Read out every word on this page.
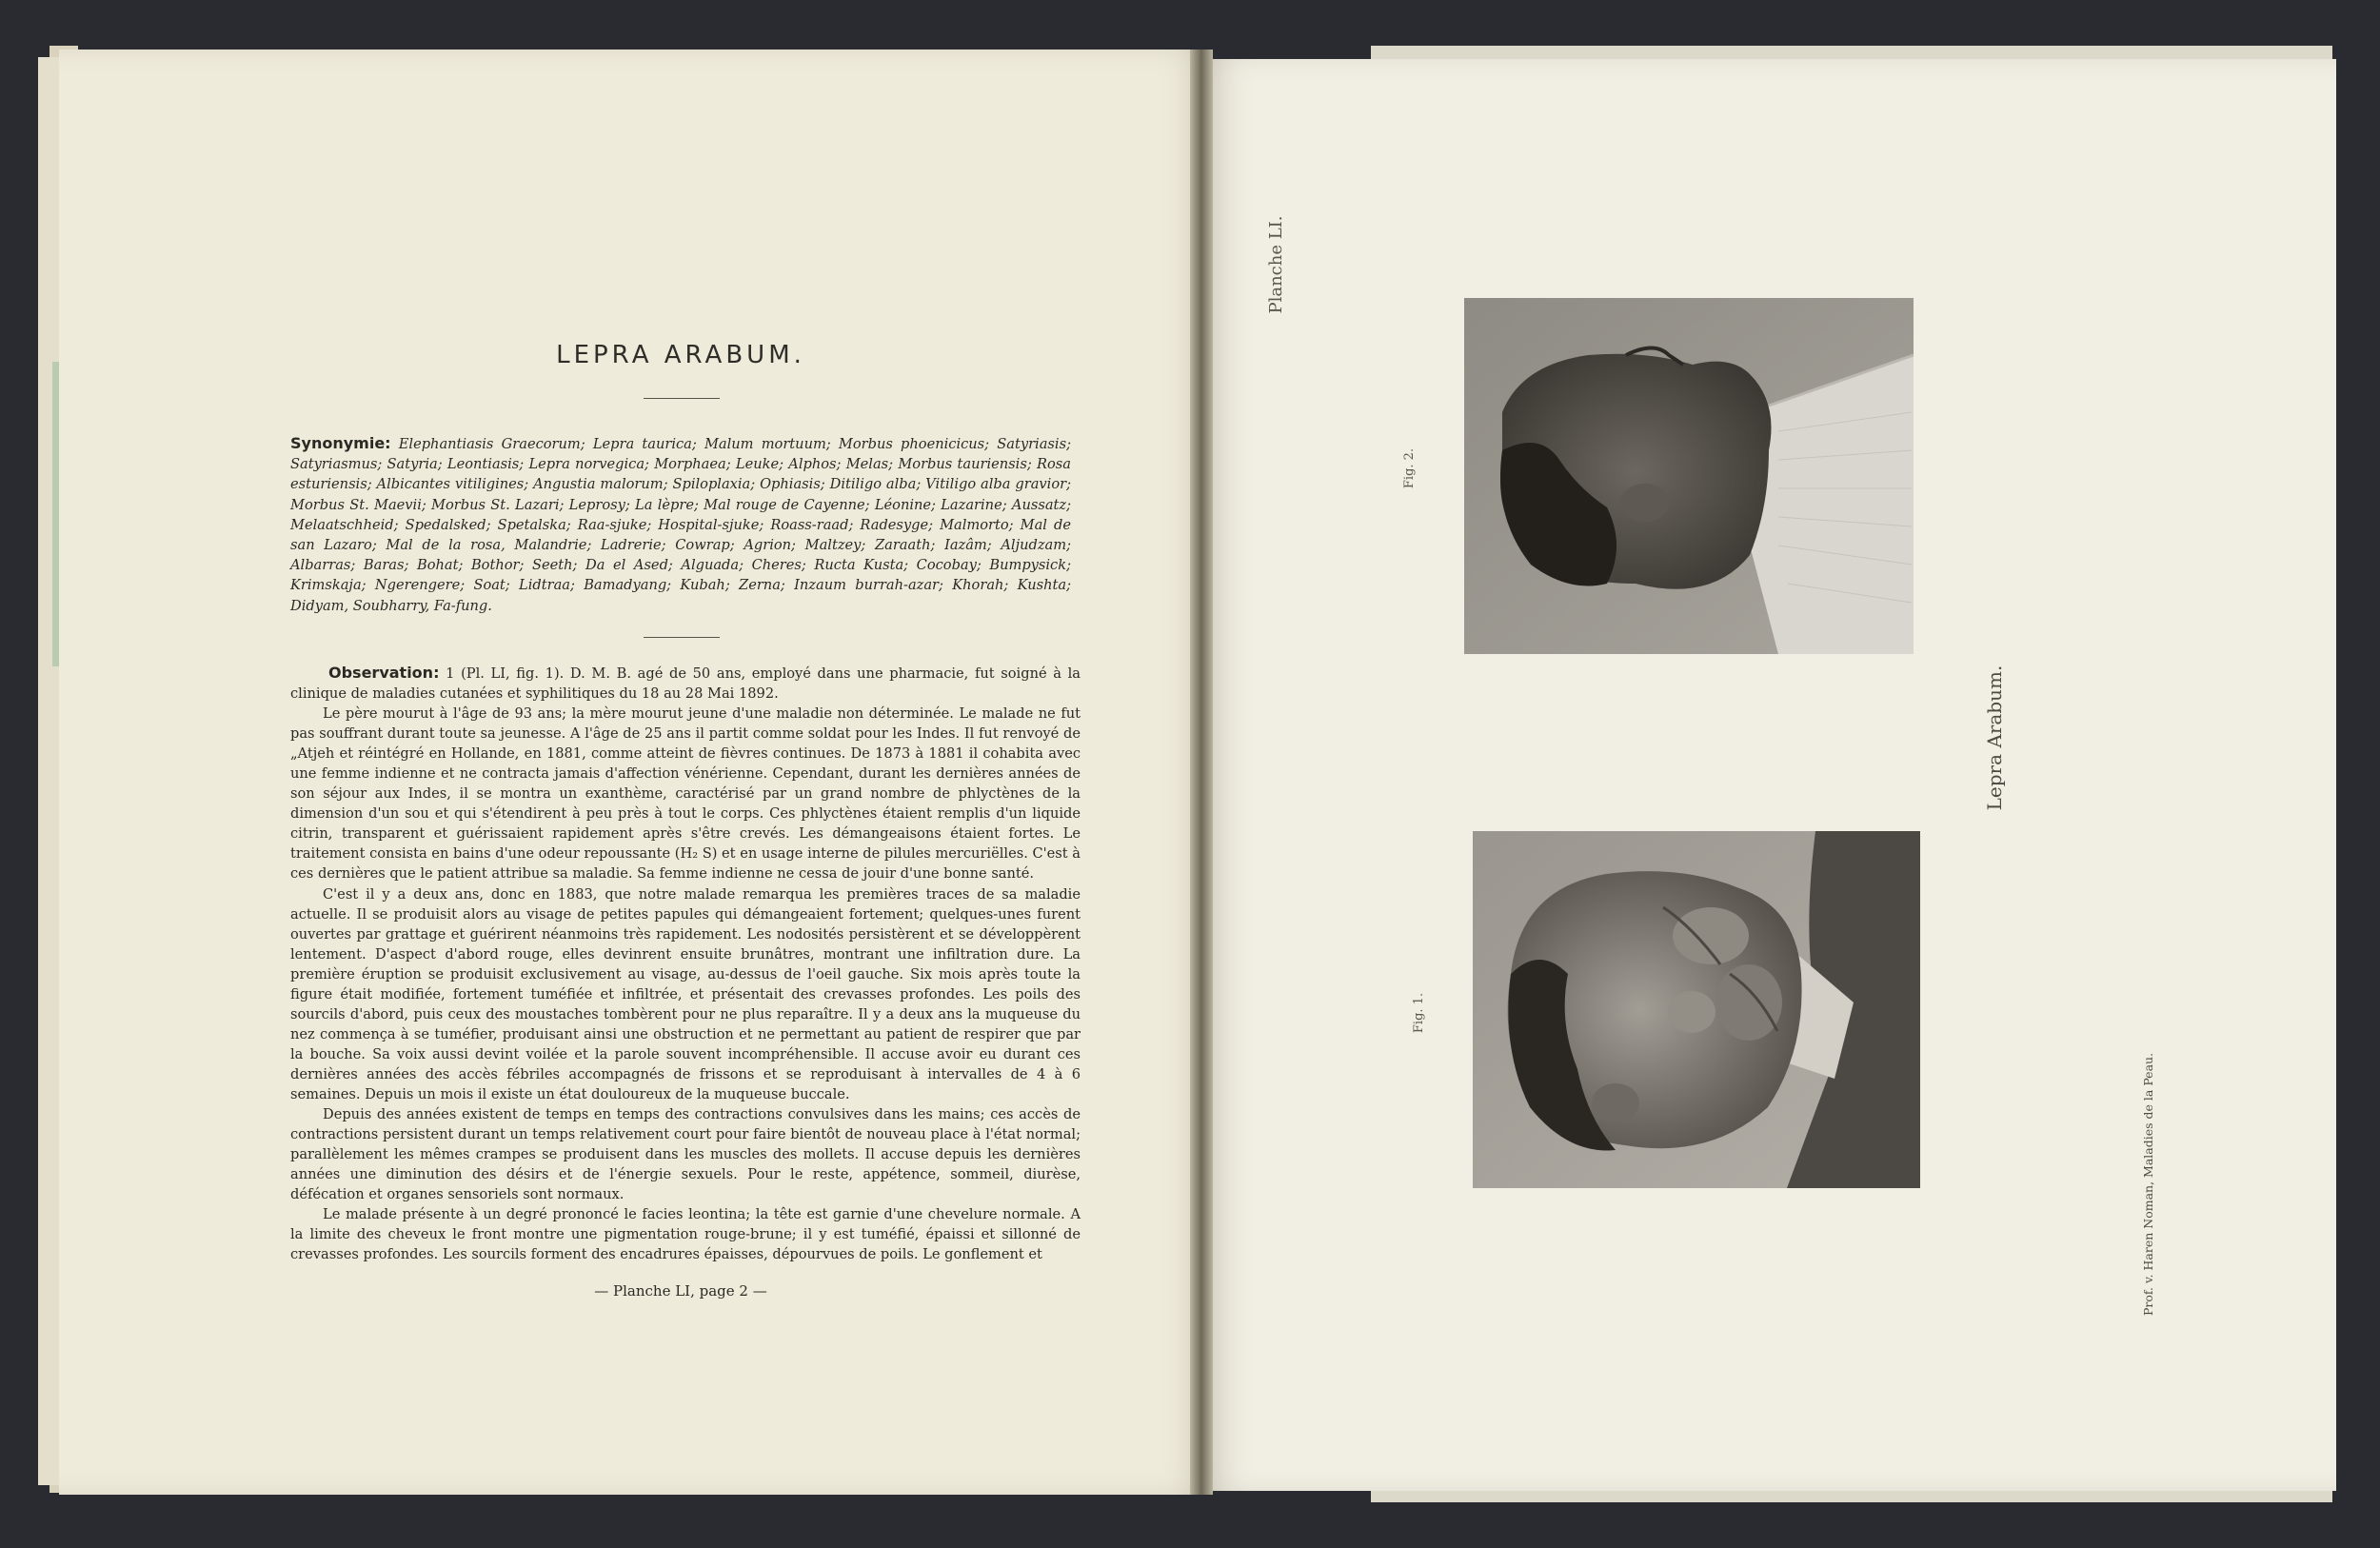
LEPRA ARABUM.
Synonymie: Elephantiasis Graecorum; Lepra taurica; Malum mortuum; Morbus phoenicicus; Satyriasis; Satyriasmus; Satyria; Leontiasis; Lepra norvegica; Morphaea; Leuke; Alphos; Melas; Morbus tauriensis; Rosa esturiensis; Albicantes vitiligines; Angustia malorum; Spiloplaxia; Ophiasis; Ditiligo alba; Vitiligo alba gravior; Morbus St. Maevii; Morbus St. Lazari; Leprosy; La lèpre; Mal rouge de Cayenne; Léonine; Lazarine; Aussatz; Melaatschheid; Spedalsked; Spetalska; Raa-sjuke; Hospital-sjuke; Roass-raad; Radesyge; Malmorto; Mal de san Lazaro; Mal de la rosa, Malandrie; Ladrerie; Cowrap; Agrion; Maltzey; Zaraath; Iazâm; Aljudzam; Albarras; Baras; Bohat; Bothor; Seeth; Da el Ased; Alguada; Cheres; Ructa Kusta; Cocobay; Bumpysick; Krimskaja; Ngerengere; Soat; Lidtraa; Bamadyang; Kubah; Zerna; Inzaum burrah-azar; Khorah; Kushta; Didyam, Soubharry, Fa-fung.

Observation: 1 (Pl. LI, fig. 1). D. M. B. agé de 50 ans, employé dans une pharmacie, fut soigné à la clinique de maladies cutanées et syphilitiques du 18 au 28 Mai 1892.

Le père mourut à l'âge de 93 ans; la mère mourut jeune d'une maladie non déterminée. Le malade ne fut pas souffrant durant toute sa jeunesse. A l'âge de 25 ans il partit comme soldat pour les Indes. Il fut renvoyé de „Atjeh et réintégré en Hollande, en 1881, comme atteint de fièvres continues. De 1873 à 1881 il cohabita avec une femme indienne et ne contracta jamais d'affection vénérienne. Cependant, durant les dernières années de son séjour aux Indes, il se montra un exanthème, caractérisé par un grand nombre de phlyctènes de la dimension d'un sou et qui s'étendirent à peu près à tout le corps. Ces phlyctènes étaient remplis d'un liquide citrin, transparent et guérissaient rapidement après s'être crevés. Les démangeaisons étaient fortes. Le traitement consista en bains d'une odeur repoussante (H₂ S) et en usage interne de pilules mercuriëlles. C'est à ces dernières que le patient attribue sa maladie. Sa femme indienne ne cessa de jouir d'une bonne santé.

C'est il y a deux ans, donc en 1883, que notre malade remarqua les premières traces de sa maladie actuelle. Il se produisit alors au visage de petites papules qui démangeaient fortement; quelques-unes furent ouvertes par grattage et guérirent néanmoins très rapidement. Les nodosités persistèrent et se développèrent lentement. D'aspect d'abord rouge, elles devinrent ensuite brunâtres, montrant une infiltration dure. La première éruption se produisit exclusivement au visage, au-dessus de l'oeil gauche. Six mois après toute la figure était modifiée, fortement tuméfiée et infiltrée, et présentait des crevasses profondes. Les poils des sourcils d'abord, puis ceux des moustaches tombèrent pour ne plus reparaître. Il y a deux ans la muqueuse du nez commença à se tuméfier, produisant ainsi une obstruction et ne permettant au patient de respirer que par la bouche. Sa voix aussi devint voilée et la parole souvent incompréhensible. Il accuse avoir eu durant ces dernières années des accès fébriles accompagnés de frissons et se reproduisant à intervalles de 4 à 6 semaines. Depuis un mois il existe un état douloureux de la muqueuse buccale.

Depuis des années existent de temps en temps des contractions convulsives dans les mains; ces accès de contractions persistent durant un temps relativement court pour faire bientôt de nouveau place à l'état normal; parallèlement les mêmes crampes se produisent dans les muscles des mollets. Il accuse depuis les dernières années une diminution des désirs et de l'énergie sexuels. Pour le reste, appétence, sommeil, diurèse, défécation et organes sensoriels sont normaux.

Le malade présente à un degré prononcé le facies leontina; la tête est garnie d'une chevelure normale. A la limite des cheveux le front montre une pigmentation rouge-brune; il y est tuméfié, épaissi et sillonné de crevasses profondes. Les sourcils forment des encadrures épaisses, dépourvues de poils. Le gonflement et

— Planche LI, page 2 —
Planche LI.
Fig. 2.
Fig. 1.
Lepra Arabum.
Prof. v. Haren Noman, Maladies de la Peau.
